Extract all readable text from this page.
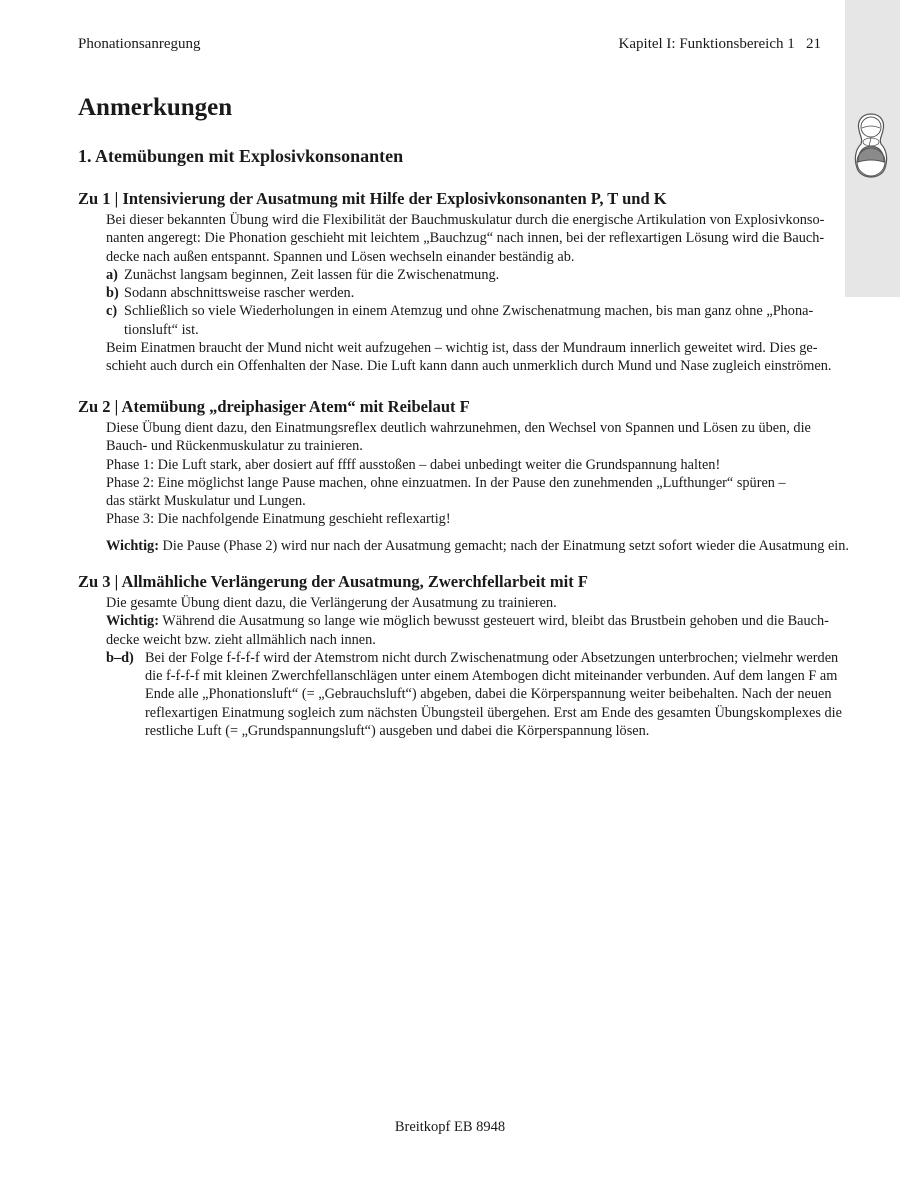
Phonationsanregung	Kapitel I: Funktionsbereich 1 21
Anmerkungen
1. Atemübungen mit Explosivkonsonanten
Zu 1 | Intensivierung der Ausatmung mit Hilfe der Explosivkonsonanten P, T und K
Bei dieser bekannten Übung wird die Flexibilität der Bauchmuskulatur durch die energische Artikulation von Explosivkonso-
nanten angeregt: Die Phonation geschieht mit leichtem „Bauchzug“ nach innen, bei der reflexartigen Lösung wird die Bauch-
decke nach außen entspannt. Spannen und Lösen wechseln einander beständig ab.
a) Zunächst langsam beginnen, Zeit lassen für die Zwischenatmung.
b) Sodann abschnittsweise rascher werden.
c) Schließlich so viele Wiederholungen in einem Atemzug und ohne Zwischenatmung machen, bis man ganz ohne „Phona-
tionsluft“ ist.
Beim Einatmen braucht der Mund nicht weit aufzugehen – wichtig ist, dass der Mundraum innerlich geweitet wird. Dies ge-
schieht auch durch ein Offenhalten der Nase. Die Luft kann dann auch unmerklich durch Mund und Nase zugleich einströmen.
Zu 2 | Atemübung „dreiphasiger Atem“ mit Reibelaut F
Diese Übung dient dazu, den Einatmungsreflex deutlich wahrzunehmen, den Wechsel von Spannen und Lösen zu üben, die
Bauch- und Rückenmuskulatur zu trainieren.
Phase 1: Die Luft stark, aber dosiert auf ffff ausstoßen – dabei unbedingt weiter die Grundspannung halten!
Phase 2: Eine möglichst lange Pause machen, ohne einzuatmen. In der Pause den zunehmenden „Lufthunger“ spüren –
das stärkt Muskulatur und Lungen.
Phase 3: Die nachfolgende Einatmung geschieht reflexartig!
Wichtig: Die Pause (Phase 2) wird nur nach der Ausatmung gemacht; nach der Einatmung setzt sofort wieder die Ausatmung ein.
Zu 3 | Allmähliche Verlängerung der Ausatmung, Zwerchfellarbeit mit F
Die gesamte Übung dient dazu, die Verlängerung der Ausatmung zu trainieren.
Wichtig: Während die Ausatmung so lange wie möglich bewusst gesteuert wird, bleibt das Brustbein gehoben und die Bauch-
decke weicht bzw. zieht allmählich nach innen.
b–d) Bei der Folge f-f-f-f wird der Atemstrom nicht durch Zwischenatmung oder Absetzungen unterbrochen; vielmehr werden
die f-f-f-f mit kleinen Zwerchfellanschlägen unter einem Atembogen dicht miteinander verbunden. Auf dem langen F am
Ende alle „Phonationsluft“ (= „Gebrauchsluft“) abgeben, dabei die Körperspannung weiter beibehalten. Nach der neuen
reflexartigen Einatmung sogleich zum nächsten Übungsteil übergehen. Erst am Ende des gesamten Übungskomplexes die
restliche Luft (= „Grundspannungsluft“) ausgeben und dabei die Körperspannung lösen.
Breitkopf EB 8948
